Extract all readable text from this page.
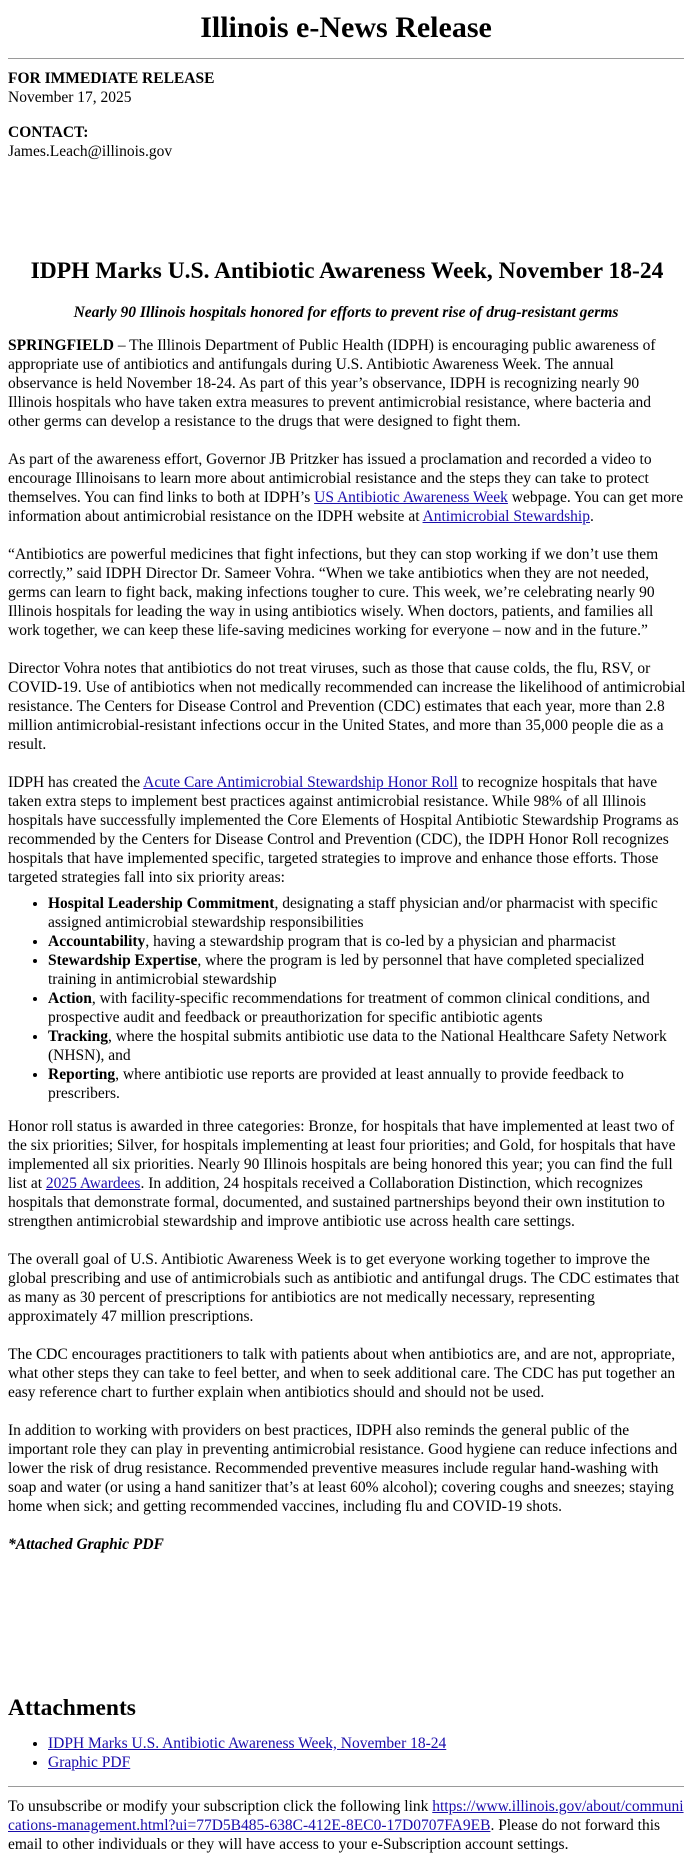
Illinois e-News Release

FOR IMMEDIATE RELEASE

November 17, 2025

CONTACT:

James.Leach@illinois.gov

IDPH Marks U.S. Antibiotic Awareness Week, November 18-24

Nearly 90 Illinois hospitals honored for efforts to prevent rise of drug-resistant germs

SPRINGFIELD – The Illinois Department of Public Health (IDPH) is encouraging public awareness of appropriate use of antibiotics and antifungals during U.S. Antibiotic Awareness Week. The annual observance is held November 18-24. As part of this year’s observance, IDPH is recognizing nearly 90 Illinois hospitals who have taken extra measures to prevent antimicrobial resistance, where bacteria and other germs can develop a resistance to the drugs that were designed to fight them.

As part of the awareness effort, Governor JB Pritzker has issued a proclamation and recorded a video to encourage Illinoisans to learn more about antimicrobial resistance and the steps they can take to protect themselves. You can find links to both at IDPH’s US Antibiotic Awareness Week webpage. You can get more information about antimicrobial resistance on the IDPH website at Antimicrobial Stewardship.

“Antibiotics are powerful medicines that fight infections, but they can stop working if we don’t use them correctly,” said IDPH Director Dr. Sameer Vohra. “When we take antibiotics when they are not needed, germs can learn to fight back, making infections tougher to cure. This week, we’re celebrating nearly 90 Illinois hospitals for leading the way in using antibiotics wisely. When doctors, patients, and families all work together, we can keep these life-saving medicines working for everyone – now and in the future.”

Director Vohra notes that antibiotics do not treat viruses, such as those that cause colds, the flu, RSV, or COVID-19. Use of antibiotics when not medically recommended can increase the likelihood of antimicrobial resistance. The Centers for Disease Control and Prevention (CDC) estimates that each year, more than 2.8 million antimicrobial-resistant infections occur in the United States, and more than 35,000 people die as a result.

IDPH has created the Acute Care Antimicrobial Stewardship Honor Roll to recognize hospitals that have taken extra steps to implement best practices against antimicrobial resistance. While 98% of all Illinois hospitals have successfully implemented the Core Elements of Hospital Antibiotic Stewardship Programs as recommended by the Centers for Disease Control and Prevention (CDC), the IDPH Honor Roll recognizes hospitals that have implemented specific, targeted strategies to improve and enhance those efforts. Those targeted strategies fall into six priority areas:

• Hospital Leadership Commitment, designating a staff physician and/or pharmacist with specific assigned antimicrobial stewardship responsibilities
• Accountability, having a stewardship program that is co-led by a physician and pharmacist
• Stewardship Expertise, where the program is led by personnel that have completed specialized training in antimicrobial stewardship
• Action, with facility-specific recommendations for treatment of common clinical conditions, and prospective audit and feedback or preauthorization for specific antibiotic agents
• Tracking, where the hospital submits antibiotic use data to the National Healthcare Safety Network (NHSN), and
• Reporting, where antibiotic use reports are provided at least annually to provide feedback to prescribers.

Honor roll status is awarded in three categories: Bronze, for hospitals that have implemented at least two of the six priorities; Silver, for hospitals implementing at least four priorities; and Gold, for hospitals that have implemented all six priorities. Nearly 90 Illinois hospitals are being honored this year; you can find the full list at 2025 Awardees. In addition, 24 hospitals received a Collaboration Distinction, which recognizes hospitals that demonstrate formal, documented, and sustained partnerships beyond their own institution to strengthen antimicrobial stewardship and improve antibiotic use across health care settings.

The overall goal of U.S. Antibiotic Awareness Week is to get everyone working together to improve the global prescribing and use of antimicrobials such as antibiotic and antifungal drugs. The CDC estimates that as many as 30 percent of prescriptions for antibiotics are not medically necessary, representing approximately 47 million prescriptions.

The CDC encourages practitioners to talk with patients about when antibiotics are, and are not, appropriate, what other steps they can take to feel better, and when to seek additional care. The CDC has put together an easy reference chart to further explain when antibiotics should and should not be used.

In addition to working with providers on best practices, IDPH also reminds the general public of the important role they can play in preventing antimicrobial resistance. Good hygiene can reduce infections and lower the risk of drug resistance. Recommended preventive measures include regular hand-washing with soap and water (or using a hand sanitizer that’s at least 60% alcohol); covering coughs and sneezes; staying home when sick; and getting recommended vaccines, including flu and COVID-19 shots.

*Attached Graphic PDF

Attachments
• IDPH Marks U.S. Antibiotic Awareness Week, November 18-24
• Graphic PDF

To unsubscribe or modify your subscription click the following link https://www.illinois.gov/about/communications-management.html?ui=77D5B485-638C-412E-8EC0-17D0707FA9EB. Please do not forward this email to other individuals or they will have access to your e-Subscription account settings.
